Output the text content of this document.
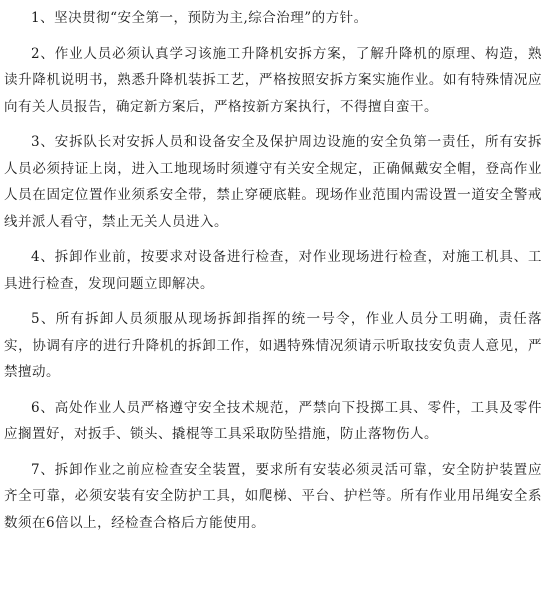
1、坚决贯彻“安全第一，预防为主,综合治理”的方针。

2、作业人员必须认真学习该施工升降机安拆方案，了解升降机的原理、构造，熟读升降机说明书，熟悉升降机装拆工艺，严格按照安拆方案实施作业。如有特殊情况应向有关人员报告，确定新方案后，严格按新方案执行，不得擅自蛮干。

3、安拆队长对安拆人员和设备安全及保护周边设施的安全负第一责任，所有安拆人员必须持证上岗，进入工地现场时须遵守有关安全规定，正确佩戴安全帽，登高作业人员在固定位置作业须系安全带，禁止穿硬底鞋。现场作业范围内需设置一道安全警戒线并派人看守，禁止无关人员进入。

4、拆卸作业前，按要求对设备进行检查，对作业现场进行检查，对施工机具、工具进行检查，发现问题立即解决。

5、所有拆卸人员须服从现场拆卸指挥的统一号令，作业人员分工明确，责任落实，协调有序的进行升降机的拆卸工作，如遇特殊情况须请示听取技安负责人意见，严禁擅动。

6、高处作业人员严格遵守安全技术规范，严禁向下投掷工具、零件，工具及零件应搁置好，对扳手、锁头、撬棍等工具采取防坠措施，防止落物伤人。

7、拆卸作业之前应检查安全装置，要求所有安装必须灵活可靠，安全防护装置应齐全可靠，必须安装有安全防护工具，如爬梯、平台、护栏等。所有作业用吊绳安全系数须在6倍以上，经检查合格后方能使用。
